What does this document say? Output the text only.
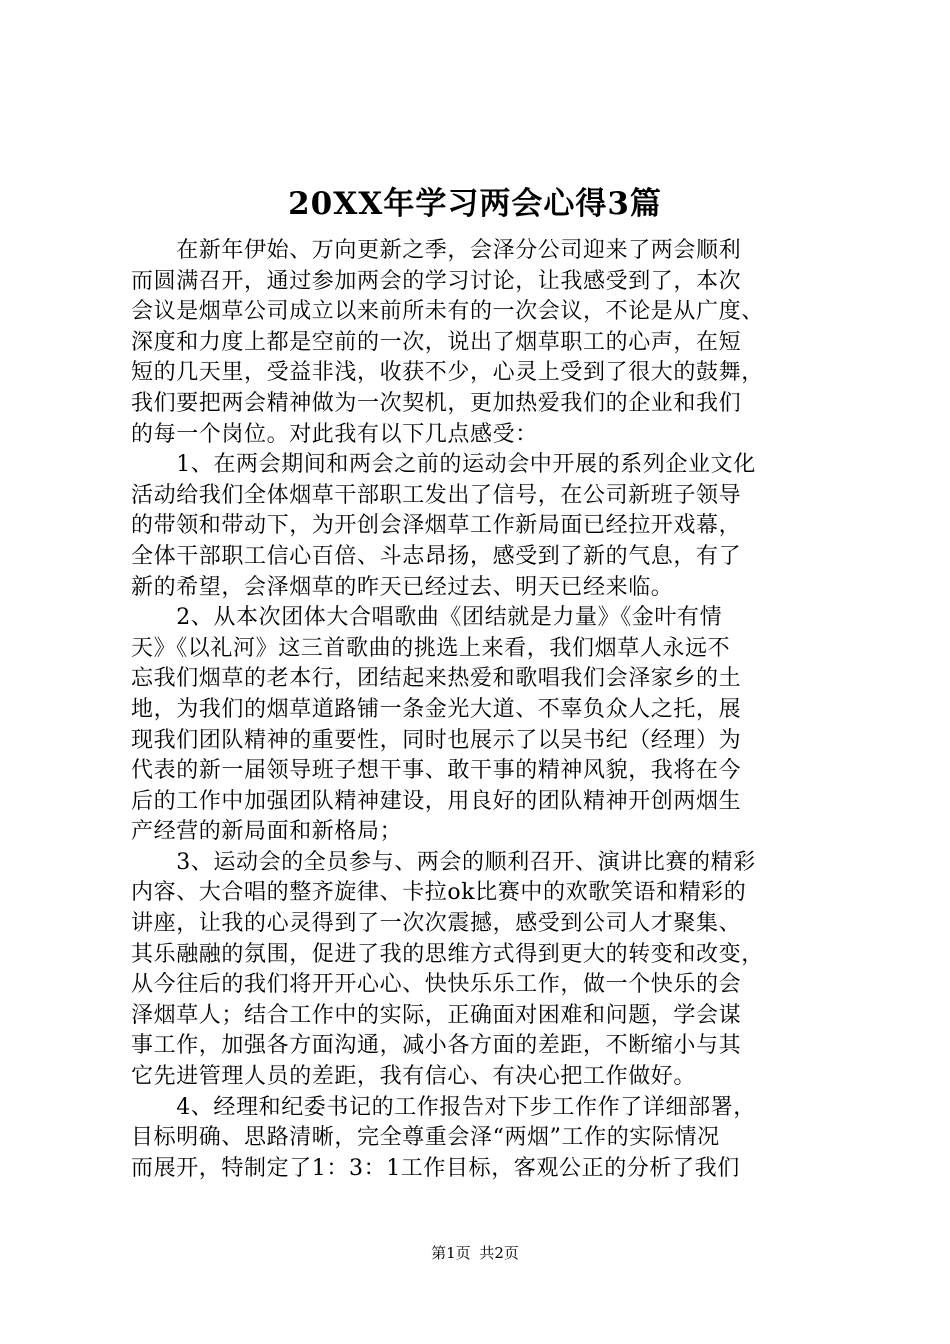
20XX年学习两会心得3篇
　　在新年伊始、万向更新之季，会泽分公司迎来了两会顺利
而圆满召开，通过参加两会的学习讨论，让我感受到了，本次
会议是烟草公司成立以来前所未有的一次会议，不论是从广度、
深度和力度上都是空前的一次，说出了烟草职工的心声，在短
短的几天里，受益非浅，收获不少，心灵上受到了很大的鼓舞，
我们要把两会精神做为一次契机，更加热爱我们的企业和我们
的每一个岗位。对此我有以下几点感受：
　　1、在两会期间和两会之前的运动会中开展的系列企业文化
活动给我们全体烟草干部职工发出了信号，在公司新班子领导
的带领和带动下，为开创会泽烟草工作新局面已经拉开戏幕，
全体干部职工信心百倍、斗志昂扬，感受到了新的气息，有了
新的希望，会泽烟草的昨天已经过去、明天已经来临。
　　2、从本次团体大合唱歌曲《团结就是力量》《金叶有情
天》《以礼河》这三首歌曲的挑选上来看，我们烟草人永远不
忘我们烟草的老本行，团结起来热爱和歌唱我们会泽家乡的土
地，为我们的烟草道路铺一条金光大道、不辜负众人之托，展
现我们团队精神的重要性，同时也展示了以吴书纪（经理）为
代表的新一届领导班子想干事、敢干事的精神风貌，我将在今
后的工作中加强团队精神建设，用良好的团队精神开创两烟生
产经营的新局面和新格局；
　　3、运动会的全员参与、两会的顺利召开、演讲比赛的精彩
内容、大合唱的整齐旋律、卡拉ok比赛中的欢歌笑语和精彩的
讲座，让我的心灵得到了一次次震撼，感受到公司人才聚集、
其乐融融的氛围，促进了我的思维方式得到更大的转变和改变，
从今往后的我们将开开心心、快快乐乐工作，做一个快乐的会
泽烟草人；结合工作中的实际，正确面对困难和问题，学会谋
事工作，加强各方面沟通，减小各方面的差距，不断缩小与其
它先进管理人员的差距，我有信心、有决心把工作做好。
　　4、经理和纪委书记的工作报告对下步工作作了详细部署，
目标明确、思路清晰，完全尊重会泽“两烟”工作的实际情况
而展开，特制定了1：3：1工作目标，客观公正的分析了我们
第1页 共2页
